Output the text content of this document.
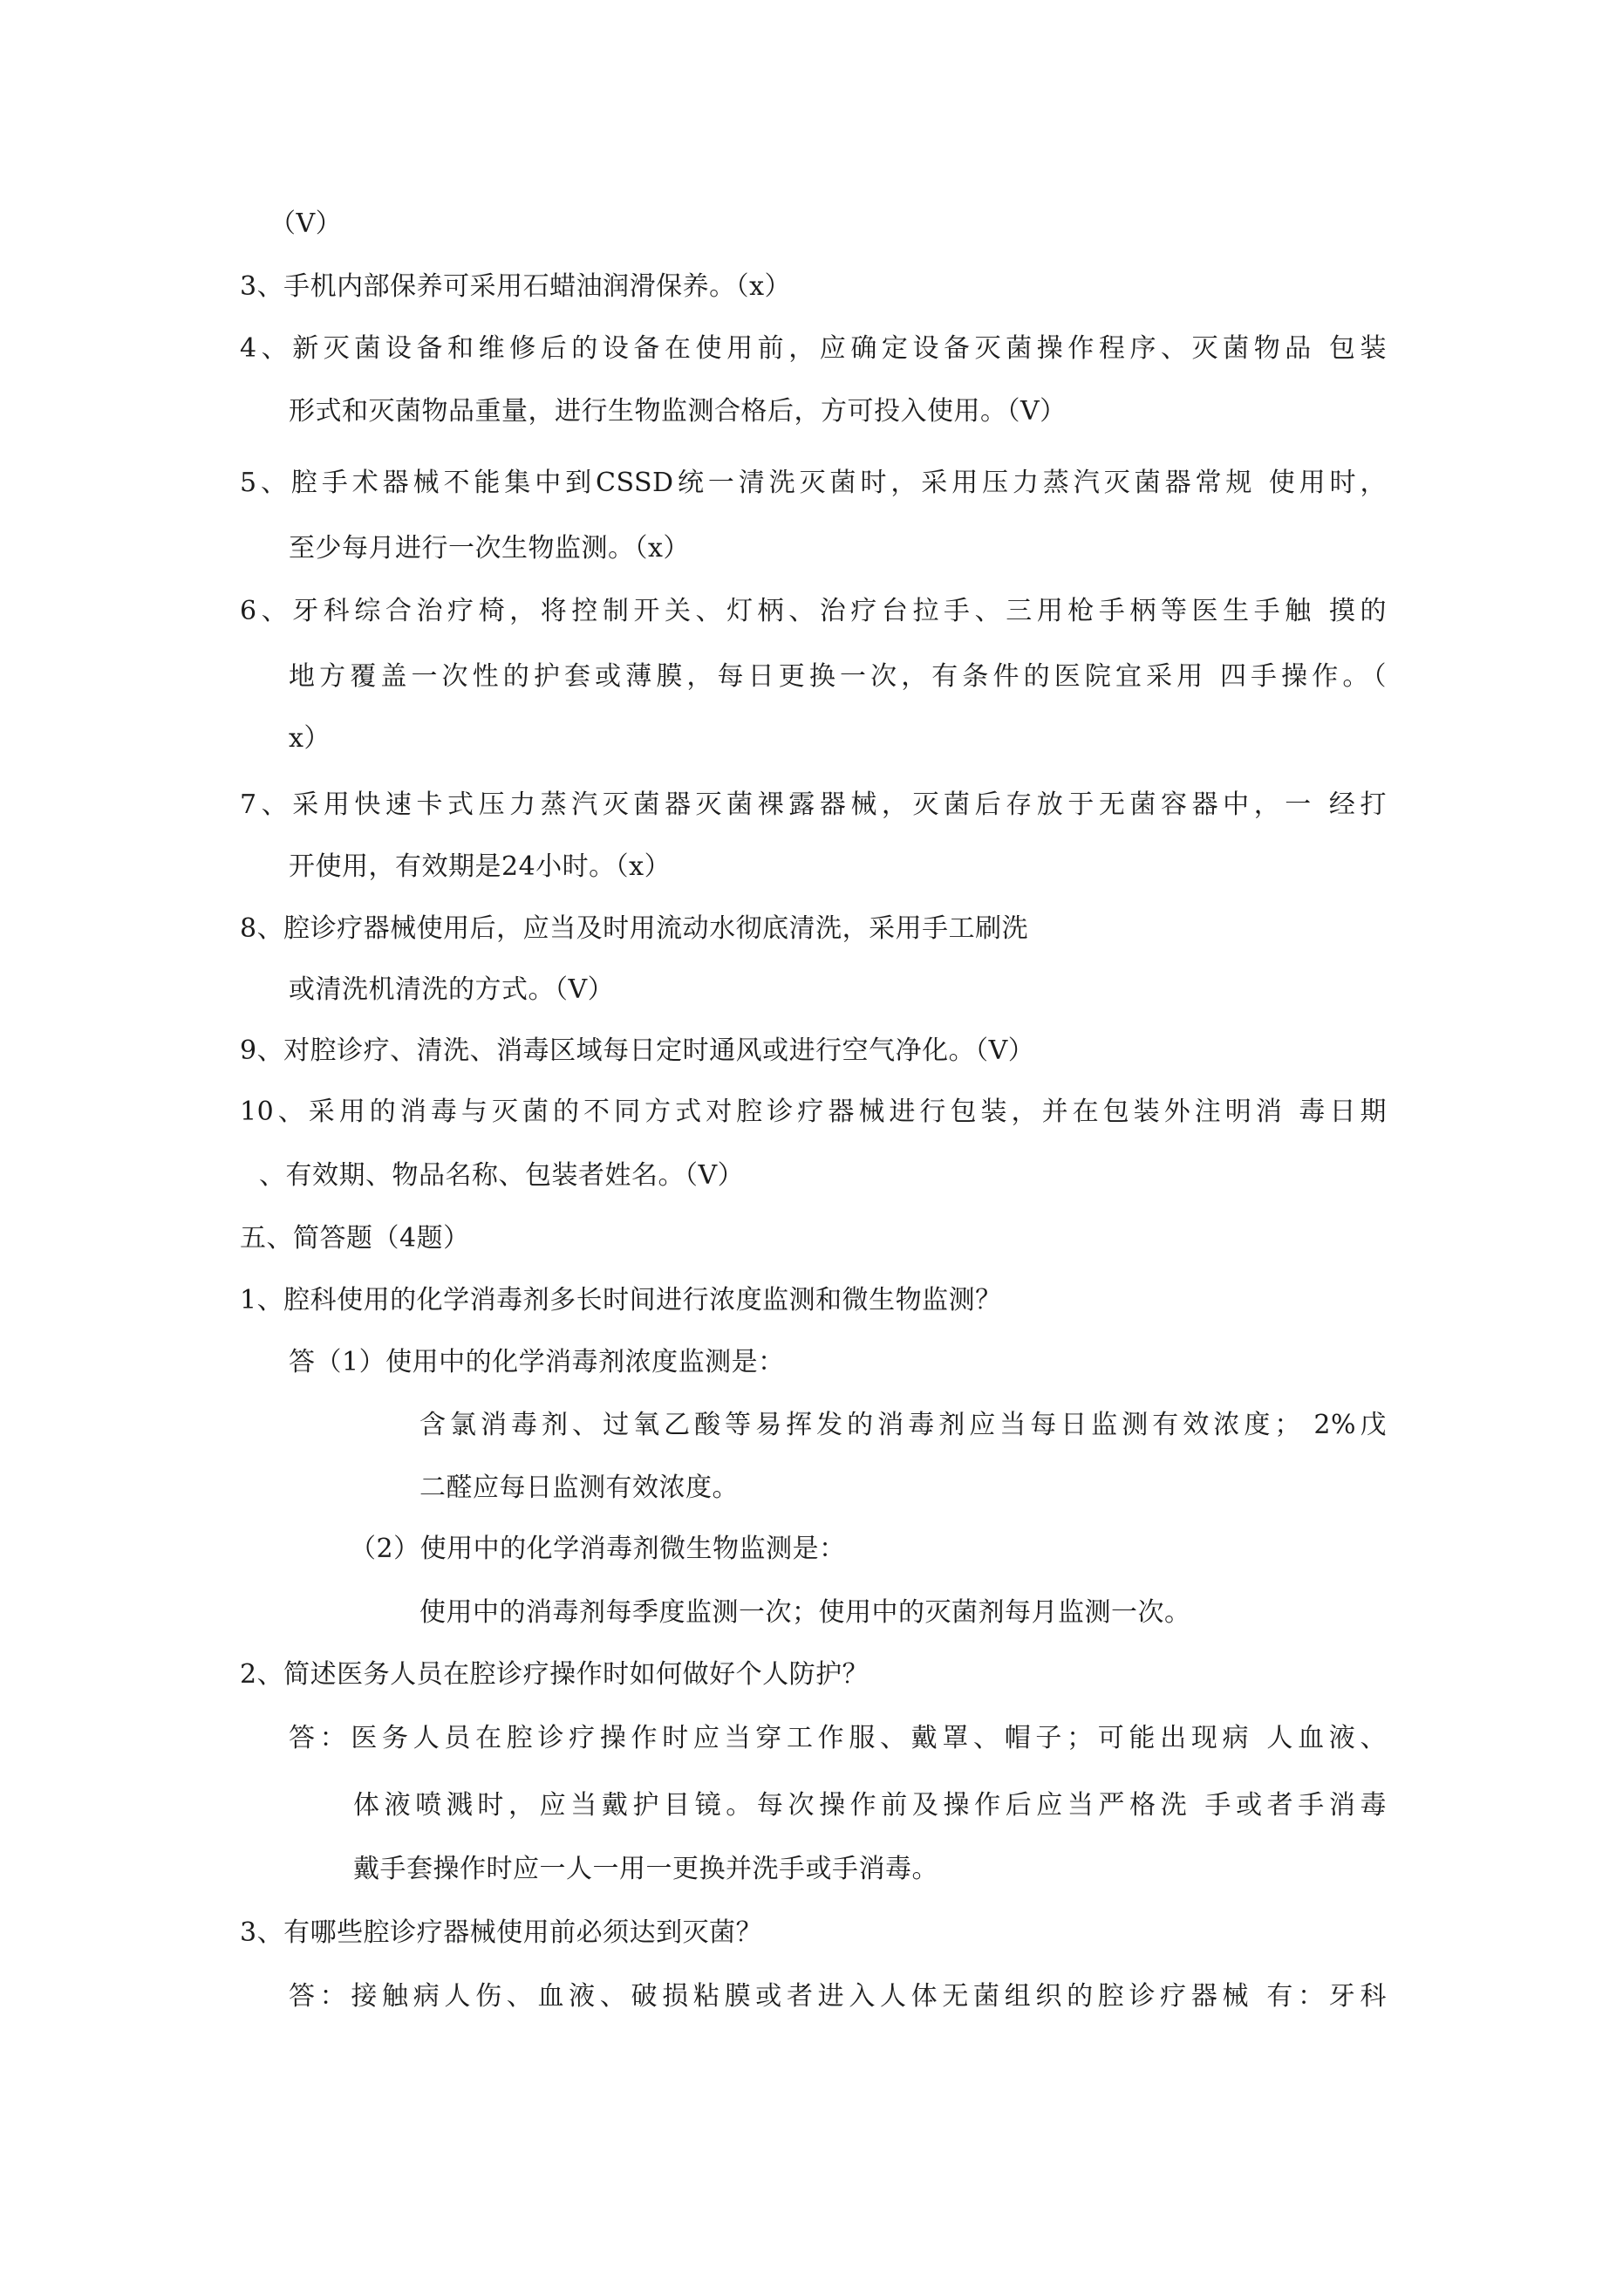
（V）
3、手机内部保养可采用石蜡油润滑保养。（x）
4、新灭菌设备和维修后的设备在使用前，应确定设备灭菌操作程序、灭菌物品 包装
形式和灭菌物品重量，进行生物监测合格后，方可投入使用。（V）
5、腔手术器械不能集中到CSSD统一清洗灭菌时，采用压力蒸汽灭菌器常规 使用时，
至少每月进行一次生物监测。（x）
6、牙科综合治疗椅，将控制开关、灯柄、治疗台拉手、三用枪手柄等医生手触 摸的
地方覆盖一次性的护套或薄膜，每日更换一次，有条件的医院宜采用 四手操作。（
x）
7、采用快速卡式压力蒸汽灭菌器灭菌裸露器械，灭菌后存放于无菌容器中，一 经打
开使用，有效期是24小时。（x）
8、腔诊疗器械使用后，应当及时用流动水彻底清洗，采用手工刷洗
或清洗机清洗的方式。（V）
9、对腔诊疗、清洗、消毒区域每日定时通风或进行空气净化。（V）
10、采用的消毒与灭菌的不同方式对腔诊疗器械进行包装，并在包装外注明消 毒日期
、有效期、物品名称、包装者姓名。（V）
五、简答题（4题）
1、腔科使用的化学消毒剂多长时间进行浓度监测和微生物监测？
答（1）使用中的化学消毒剂浓度监测是：
含氯消毒剂、过氧乙酸等易挥发的消毒剂应当每日监测有效浓度； 2%戊
二醛应每日监测有效浓度。
（2）使用中的化学消毒剂微生物监测是：
使用中的消毒剂每季度监测一次；使用中的灭菌剂每月监测一次。
2、简述医务人员在腔诊疗操作时如何做好个人防护？
答：医务人员在腔诊疗操作时应当穿工作服、戴罩、帽子；可能出现病 人血液、
体液喷溅时，应当戴护目镜。每次操作前及操作后应当严格洗 手或者手消毒
戴手套操作时应一人一用一更换并洗手或手消毒。
3、有哪些腔诊疗器械使用前必须达到灭菌？
答：接触病人伤、血液、破损粘膜或者进入人体无菌组织的腔诊疗器械 有：牙科
